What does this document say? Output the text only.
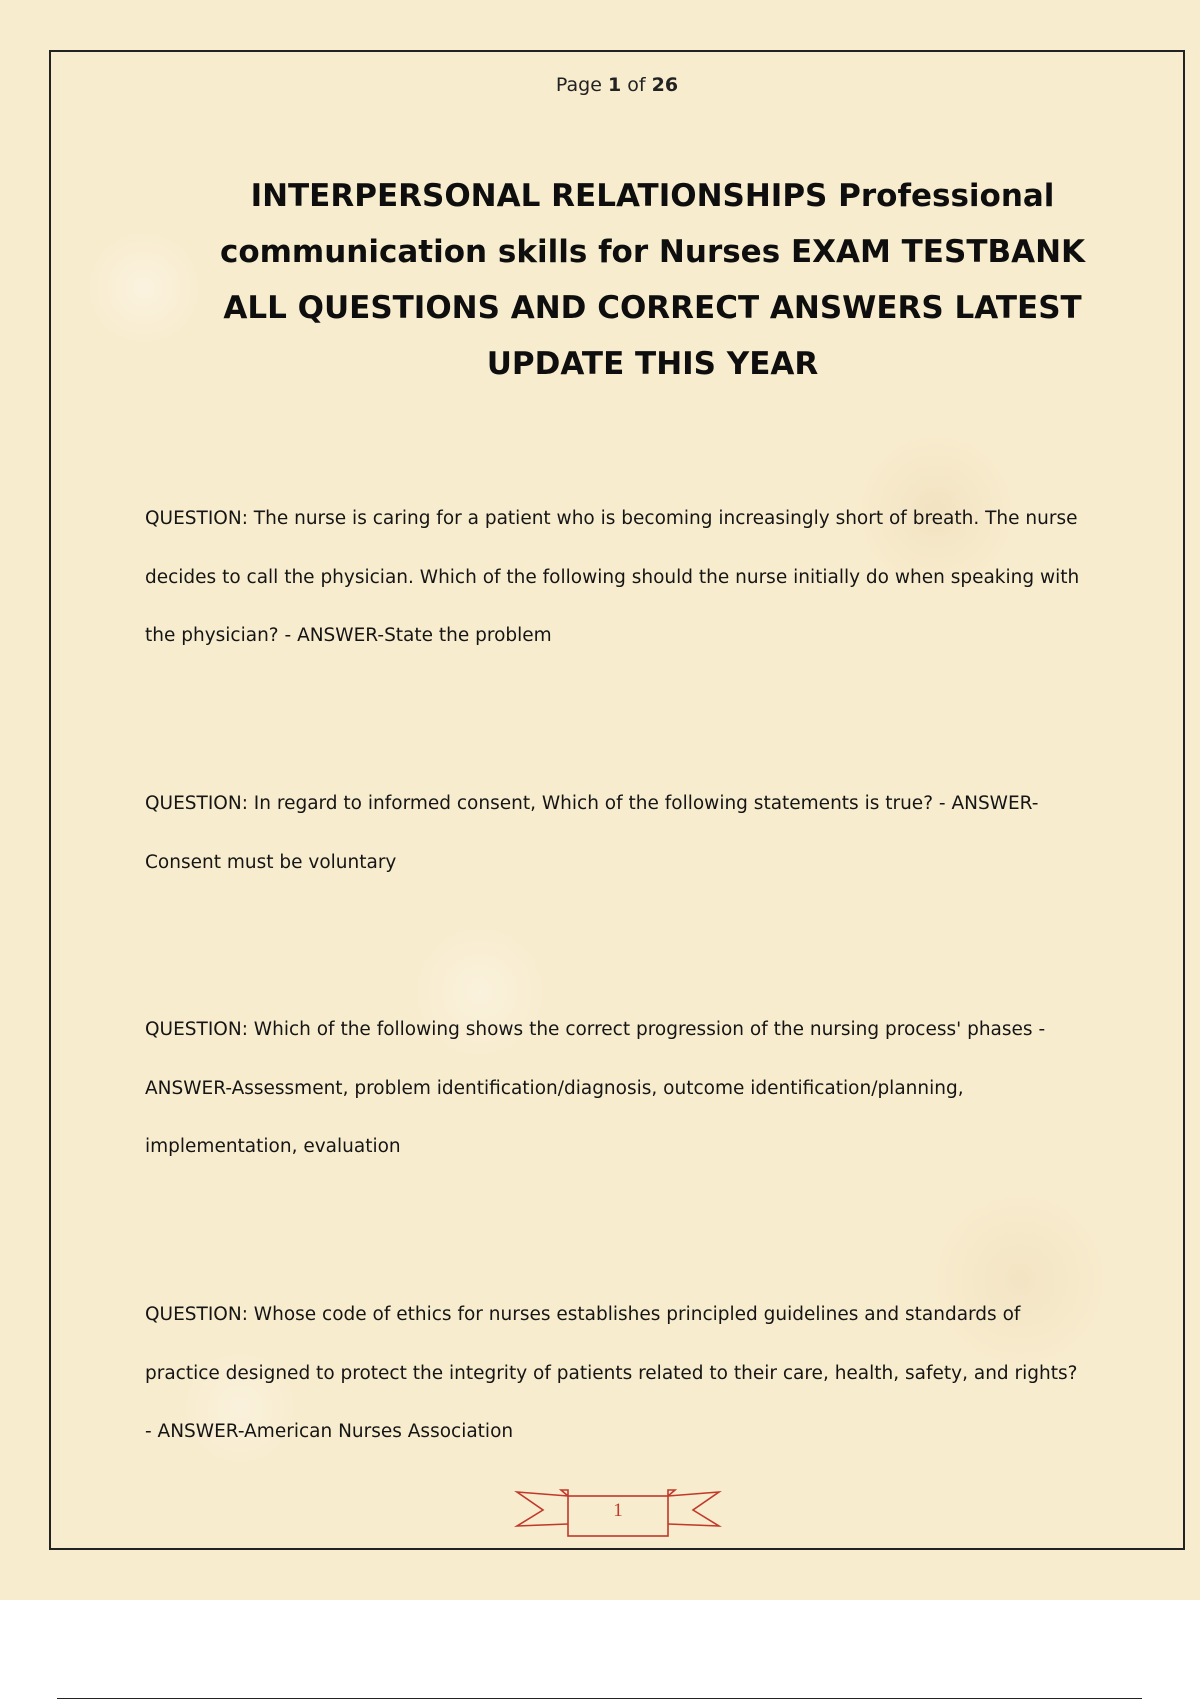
Page 1 of 26
INTERPERSONAL RELATIONSHIPS Professional communication skills for Nurses EXAM TESTBANK ALL QUESTIONS AND CORRECT ANSWERS LATEST UPDATE THIS YEAR

QUESTION: The nurse is caring for a patient who is becoming increasingly short of breath. The nurse decides to call the physician. Which of the following should the nurse initially do when speaking with the physician? - ANSWER-State the problem

QUESTION: In regard to informed consent, Which of the following statements is true? - ANSWER-Consent must be voluntary

QUESTION: Which of the following shows the correct progression of the nursing process' phases - ANSWER-Assessment, problem identification/diagnosis, outcome identification/planning, implementation, evaluation

QUESTION: Whose code of ethics for nurses establishes principled guidelines and standards of practice designed to protect the integrity of patients related to their care, health, safety, and rights? - ANSWER-American Nurses Association

1
